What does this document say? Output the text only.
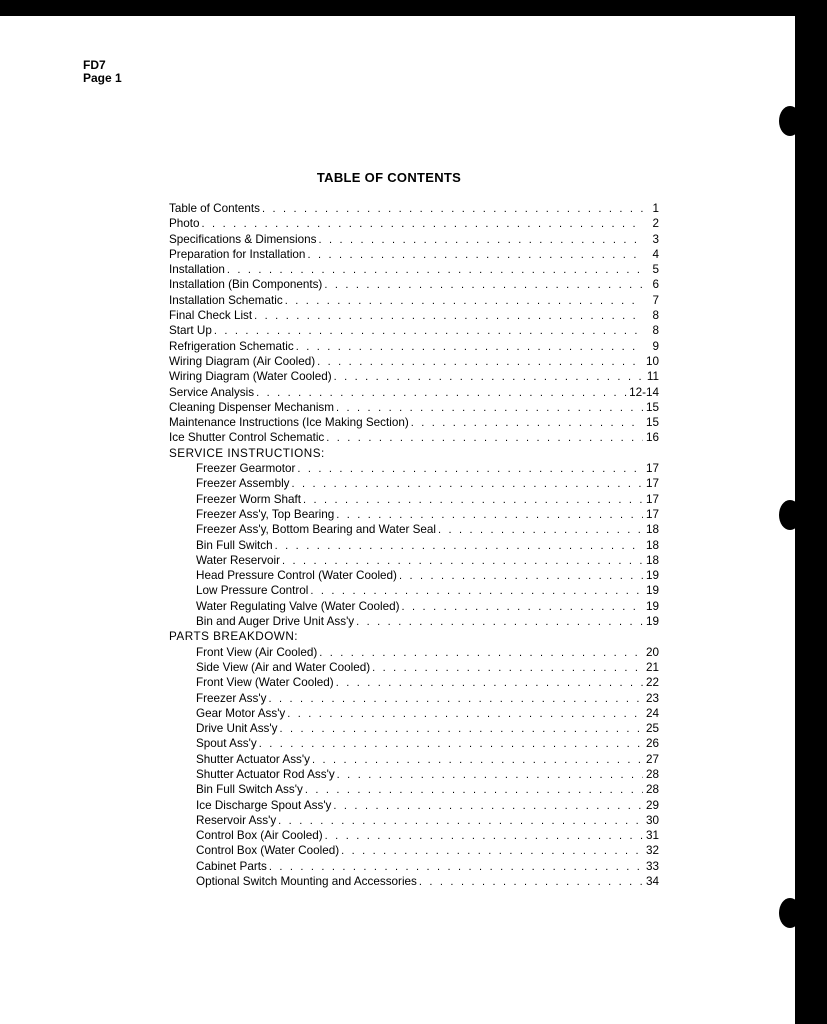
FD7
Page 1
TABLE OF CONTENTS
Table of Contents . . .	1
Photo . . .	2
Specifications & Dimensions . . .	3
Preparation for Installation . . .	4
Installation . . .	5
Installation (Bin Components) . . .	6
Installation Schematic . . .	7
Final Check List . . .	8
Start Up . . .	8
Refrigeration Schematic . . .	9
Wiring Diagram (Air Cooled) . . .	10
Wiring Diagram (Water Cooled) . . .	11
Service Analysis . . .	12-14
Cleaning Dispenser Mechanism . . .	15
Maintenance Instructions (Ice Making Section) . . .	15
Ice Shutter Control Schematic . . .	16
SERVICE INSTRUCTIONS:
Freezer Gearmotor . . .	17
Freezer Assembly . . .	17
Freezer Worm Shaft . . .	17
Freezer Ass'y, Top Bearing . . .	17
Freezer Ass'y, Bottom Bearing and Water Seal . . .	18
Bin Full Switch . . .	18
Water Reservoir . . .	18
Head Pressure Control (Water Cooled) . . .	19
Low Pressure Control . . .	19
Water Regulating Valve (Water Cooled) . . .	19
Bin and Auger Drive Unit Ass'y . . .	19
PARTS BREAKDOWN:
Front View (Air Cooled) . . .	20
Side View (Air and Water Cooled) . . .	21
Front View (Water Cooled) . . .	22
Freezer Ass'y . . .	23
Gear Motor Ass'y . . .	24
Drive Unit Ass'y . . .	25
Spout Ass'y . . .	26
Shutter Actuator Ass'y . . .	27
Shutter Actuator Rod Ass'y . . .	28
Bin Full Switch Ass'y . . .	28
Ice Discharge Spout Ass'y . . .	29
Reservoir Ass'y . . .	30
Control Box (Air Cooled) . . .	31
Control Box (Water Cooled) . . .	32
Cabinet Parts . . .	33
Optional Switch Mounting and Accessories . . .	34
